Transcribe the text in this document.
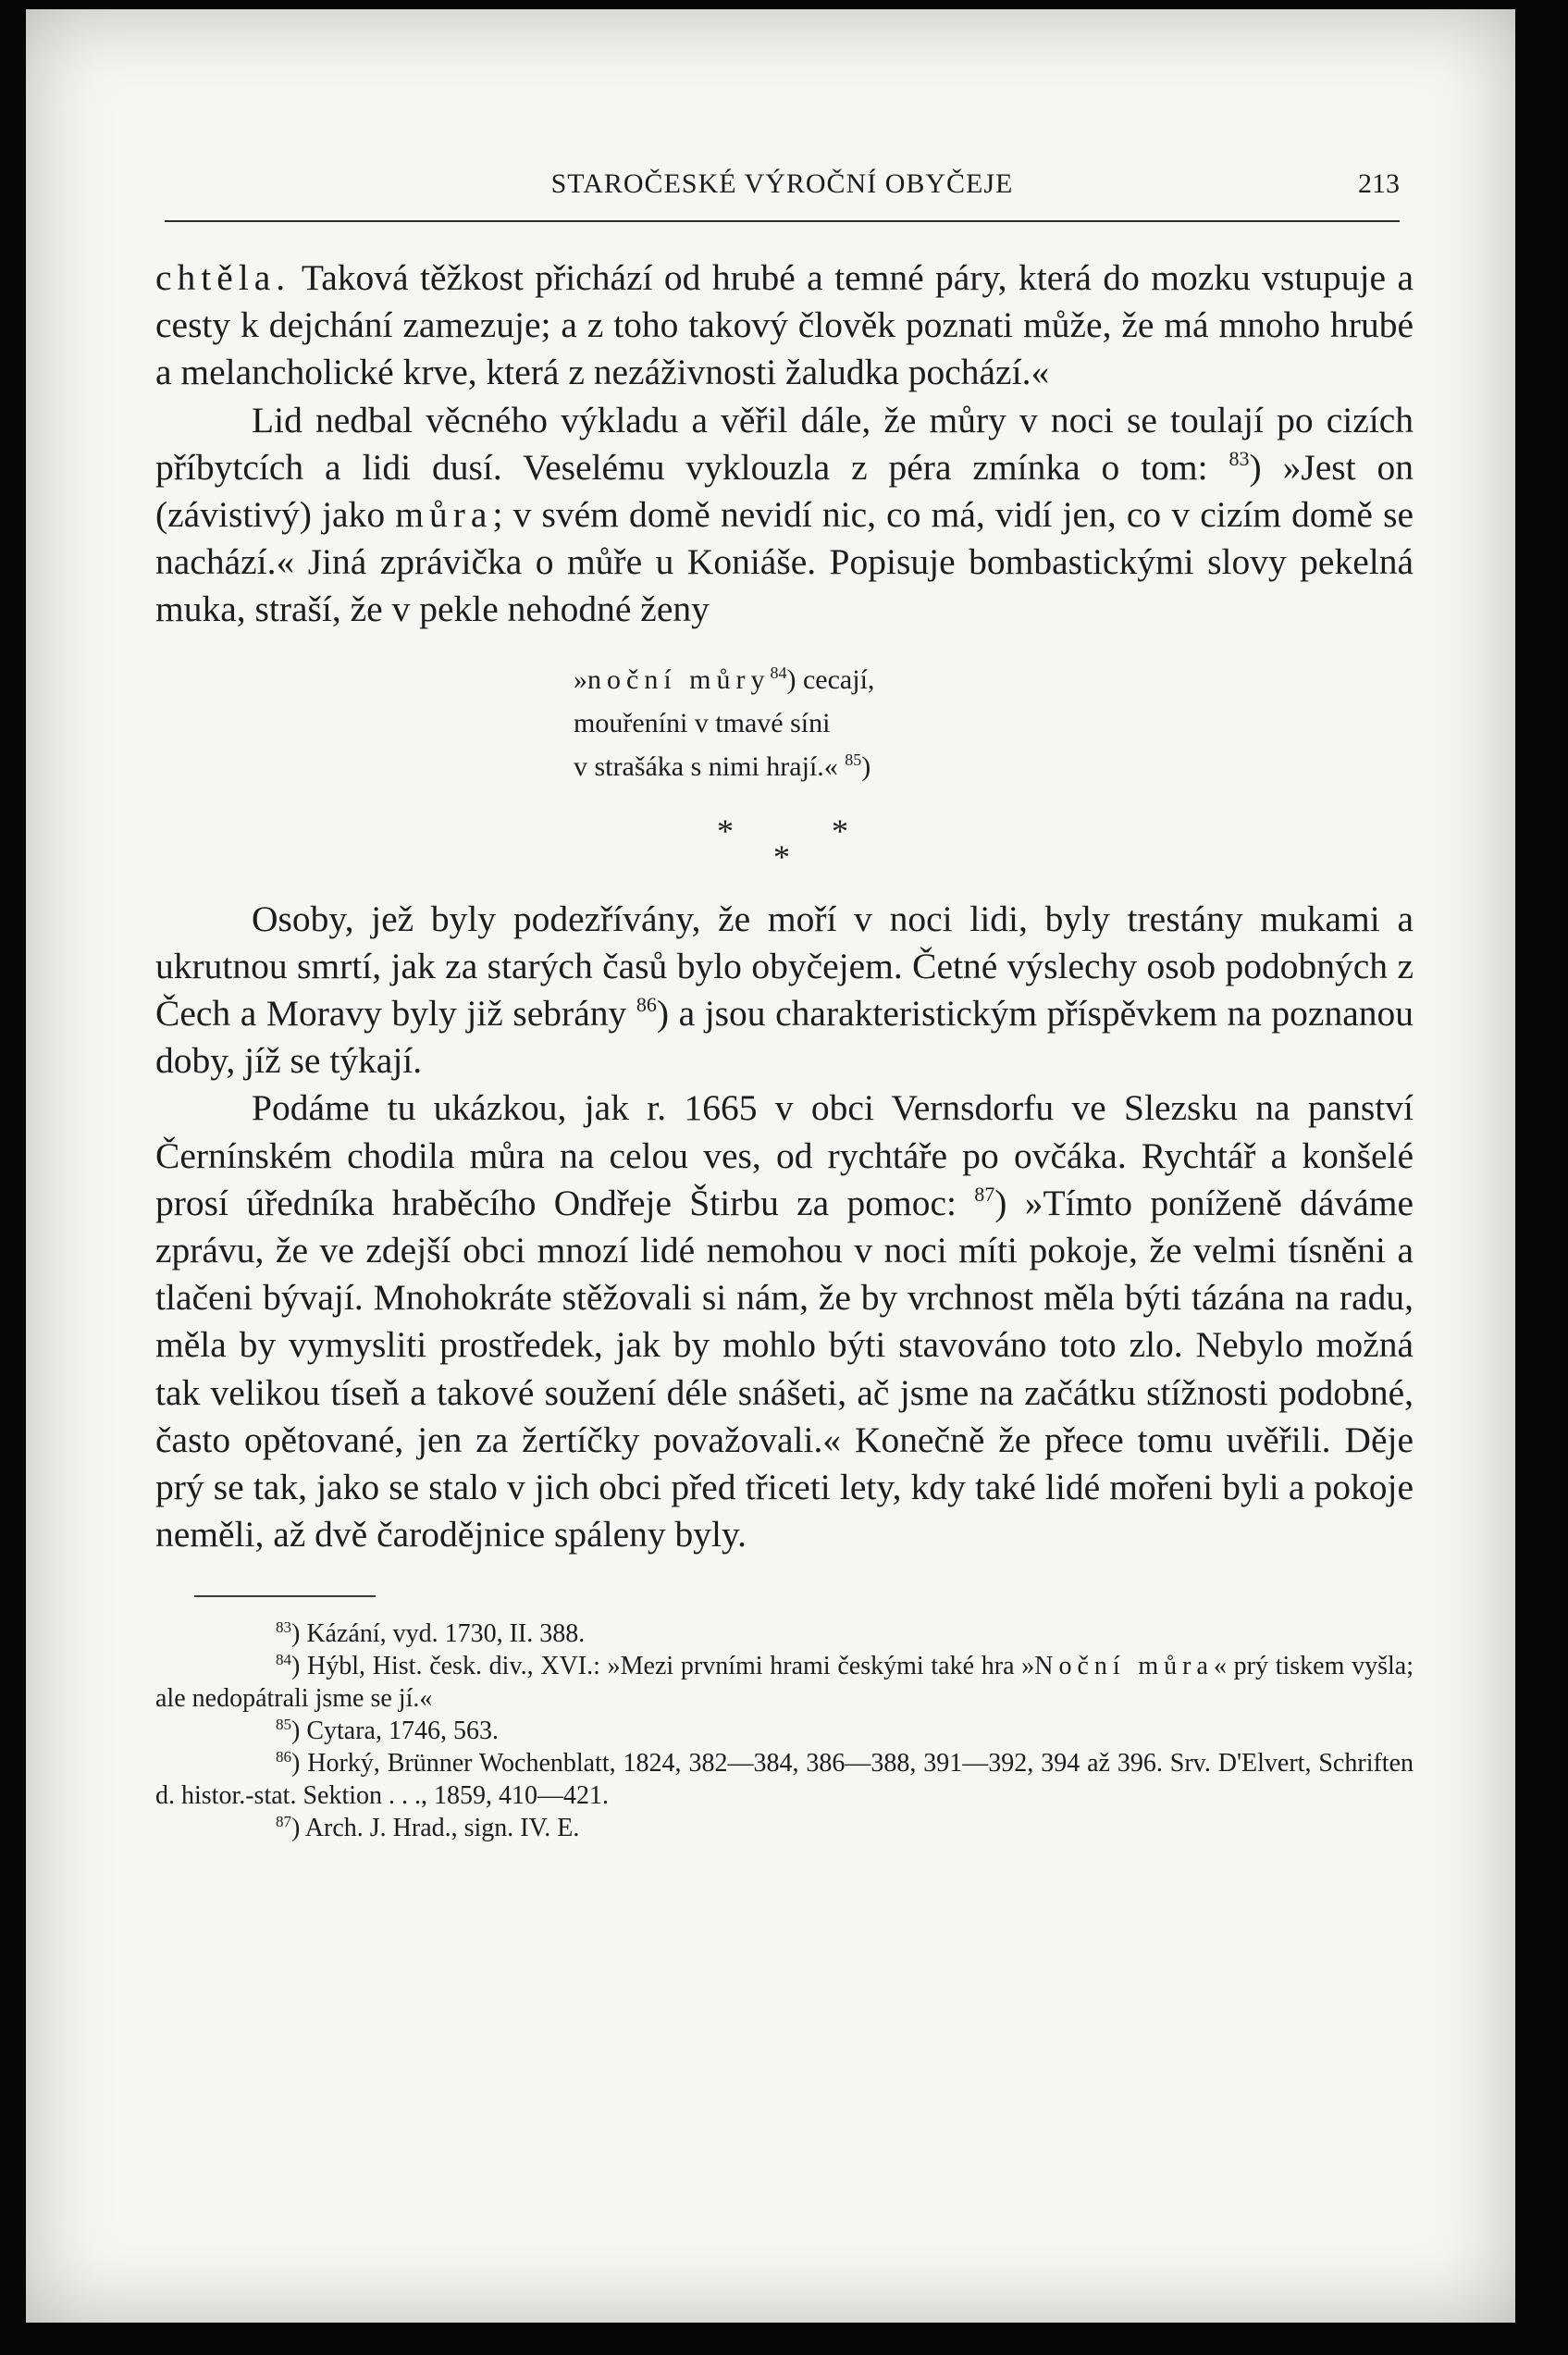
STAROČESKÉ VÝROČNÍ OBYČEJE	213

chtěla. Taková těžkost přichází od hrubé a temné páry, která do mozku vstupuje a cesty k dejchání zamezuje; a z toho takový člověk poznati může, že má mnoho hrubé a melancholické krve, která z nezáživnosti žaludka pochází.«

Lid nedbal věcného výkladu a věřil dále, že můry v noci se toulají po cizích příbytcích a lidi dusí. Veselému vyklouzla z péra zmínka o tom: $^{83}$) »Jest on (závistivý) jako můra; v svém domě nevidí nic, co má, vidí jen, co v cizím domě se nachází.« Jiná zprávička o můře u Koniáše. Popisuje bombastickými slovy pekelná muka, straší, že v pekle nehodné ženy

»noční můry$^{84}$) cecají,
mouřeníni v tmavé síni
v strašáka s nimi hrají.« $^{85}$)
*	*
*

Osoby, jež byly podezřívány, že moří v noci lidi, byly trestány mukami a ukrutnou smrtí, jak za starých časů bylo obyčejem. Četné výslechy osob podobných z Čech a Moravy byly již sebrány $^{86}$) a jsou charakteristickým příspěvkem na poznanou doby, jíž se týkají.

Podáme tu ukázkou, jak r. 1665 v obci Vernsdorfu ve Slezsku na panství Černínském chodila můra na celou ves, od rychtáře po ovčáka. Rychtář a konšelé prosí úředníka hraběcího Ondřeje Štirbu za pomoc: $^{87}$) »Tímto poníženě dáváme zprávu, že ve zdejší obci mnozí lidé nemohou v noci míti pokoje, že velmi tísněni a tlačeni bývají. Mnohokráte stěžovali si nám, že by vrchnost měla býti tázána na radu, měla by vymysliti prostředek, jak by mohlo býti stavováno toto zlo. Nebylo možná tak velikou tíseň a takové soužení déle snášeti, ač jsme na začátku stížnosti podobné, často opětované, jen za žertíčky považovali.« Konečně že přece tomu uvěřili. Děje prý se tak, jako se stalo v jich obci před třiceti lety, kdy také lidé mořeni byli a pokoje neměli, až dvě čarodějnice spáleny byly.

$^{83}$) Kázání, vyd. 1730, II. 388.

$^{84}$) Hýbl, Hist. česk. div., XVI.: »Mezi prvními hrami českými také hra »Noční můra« prý tiskem vyšla; ale nedopátrali jsme se jí.«

$^{85}$) Cytara, 1746, 563.

$^{86}$) Horký, Brünner Wochenblatt, 1824, 382—384, 386—388, 391—392, 394 až 396. Srv. D'Elvert, Schriften d. histor.-stat. Sektion . . ., 1859, 410—421.

$^{87}$) Arch. J. Hrad., sign. IV. E.
